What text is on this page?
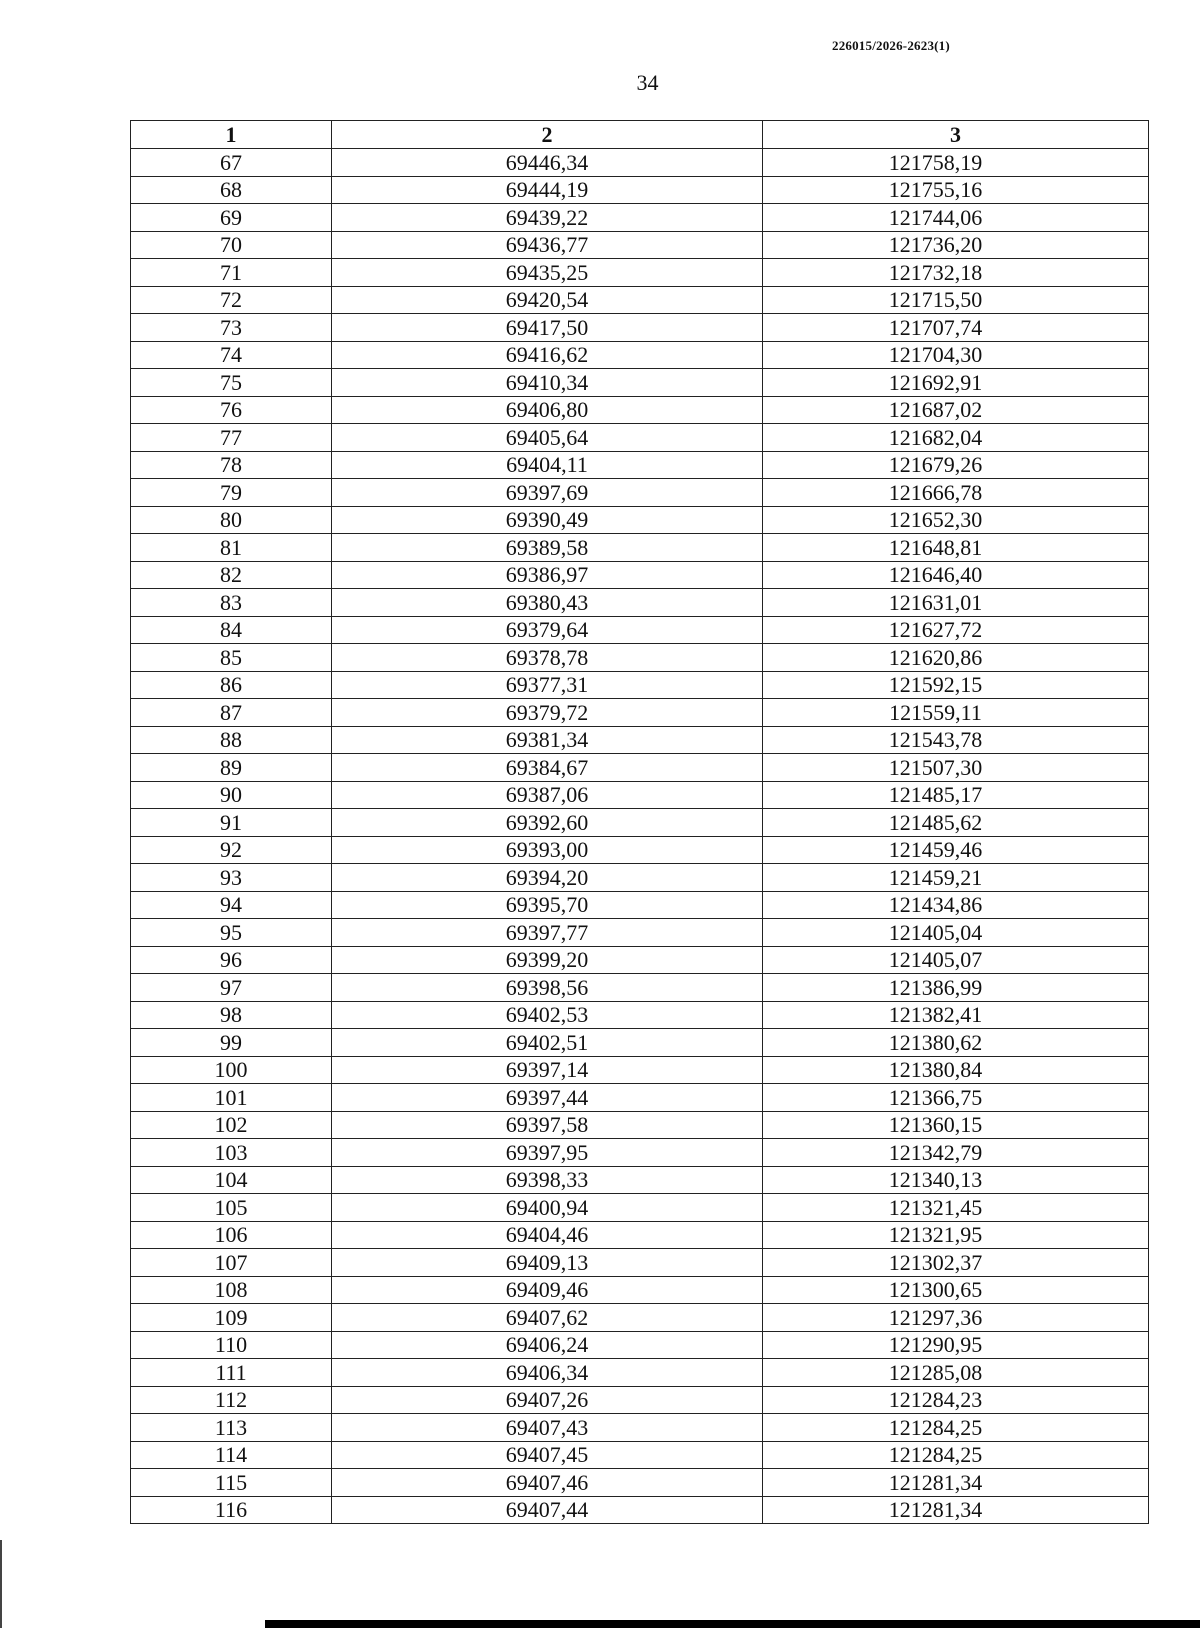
226015/2026-2623(1)
34
1	2	3
67	69446,34	121758,19
68	69444,19	121755,16
69	69439,22	121744,06
70	69436,77	121736,20
71	69435,25	121732,18
72	69420,54	121715,50
73	69417,50	121707,74
74	69416,62	121704,30
75	69410,34	121692,91
76	69406,80	121687,02
77	69405,64	121682,04
78	69404,11	121679,26
79	69397,69	121666,78
80	69390,49	121652,30
81	69389,58	121648,81
82	69386,97	121646,40
83	69380,43	121631,01
84	69379,64	121627,72
85	69378,78	121620,86
86	69377,31	121592,15
87	69379,72	121559,11
88	69381,34	121543,78
89	69384,67	121507,30
90	69387,06	121485,17
91	69392,60	121485,62
92	69393,00	121459,46
93	69394,20	121459,21
94	69395,70	121434,86
95	69397,77	121405,04
96	69399,20	121405,07
97	69398,56	121386,99
98	69402,53	121382,41
99	69402,51	121380,62
100	69397,14	121380,84
101	69397,44	121366,75
102	69397,58	121360,15
103	69397,95	121342,79
104	69398,33	121340,13
105	69400,94	121321,45
106	69404,46	121321,95
107	69409,13	121302,37
108	69409,46	121300,65
109	69407,62	121297,36
110	69406,24	121290,95
111	69406,34	121285,08
112	69407,26	121284,23
113	69407,43	121284,25
114	69407,45	121284,25
115	69407,46	121281,34
116	69407,44	121281,34
